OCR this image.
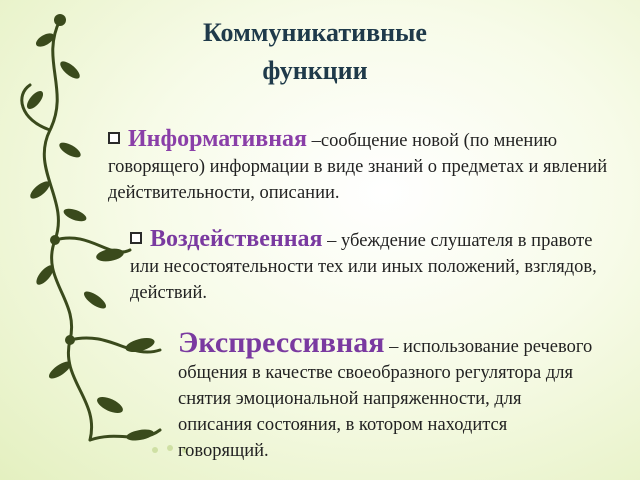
Коммуникативные
функции
Информативная –сообщение новой (по мнению говорящего) информации в виде знаний о предметах и явлений действительности, описании.
Воздейственная – убеждение слушателя в правоте или несостоятельности тех или иных положений, взглядов, действий.
Экспрессивная – использование речевого общения в качестве своеобразного регулятора для снятия эмоциональной напряженности, для описания состояния, в котором находится говорящий.
